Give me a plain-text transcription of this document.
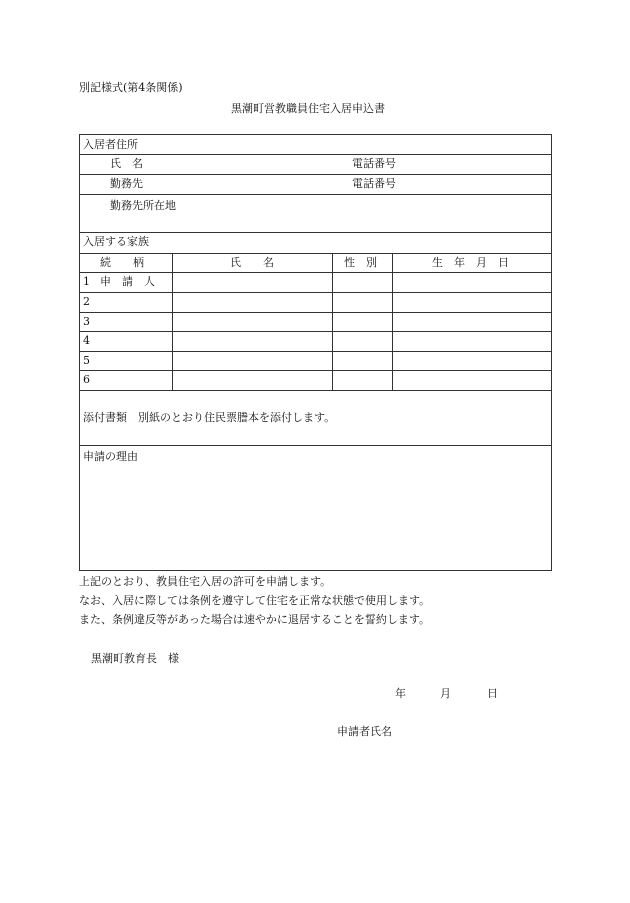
別記様式(第4条関係)
黒潮町営教職員住宅入居申込書
入居者住所
氏　名	電話番号
勤務先	電話番号
勤務先所在地
入居する家族
続　　柄	氏　　名	性　別	生　年　月　日
1 申　請　人
2
3
4
5
6
添付書類　別紙のとおり住民票謄本を添付します。
申請の理由
上記のとおり、教員住宅入居の許可を申請します。
なお、入居に際しては条例を遵守して住宅を正常な状態で使用します。
また、条例違反等があった場合は速やかに退居することを誓約します。
黒潮町教育長　様
年	月	日
申請者氏名
